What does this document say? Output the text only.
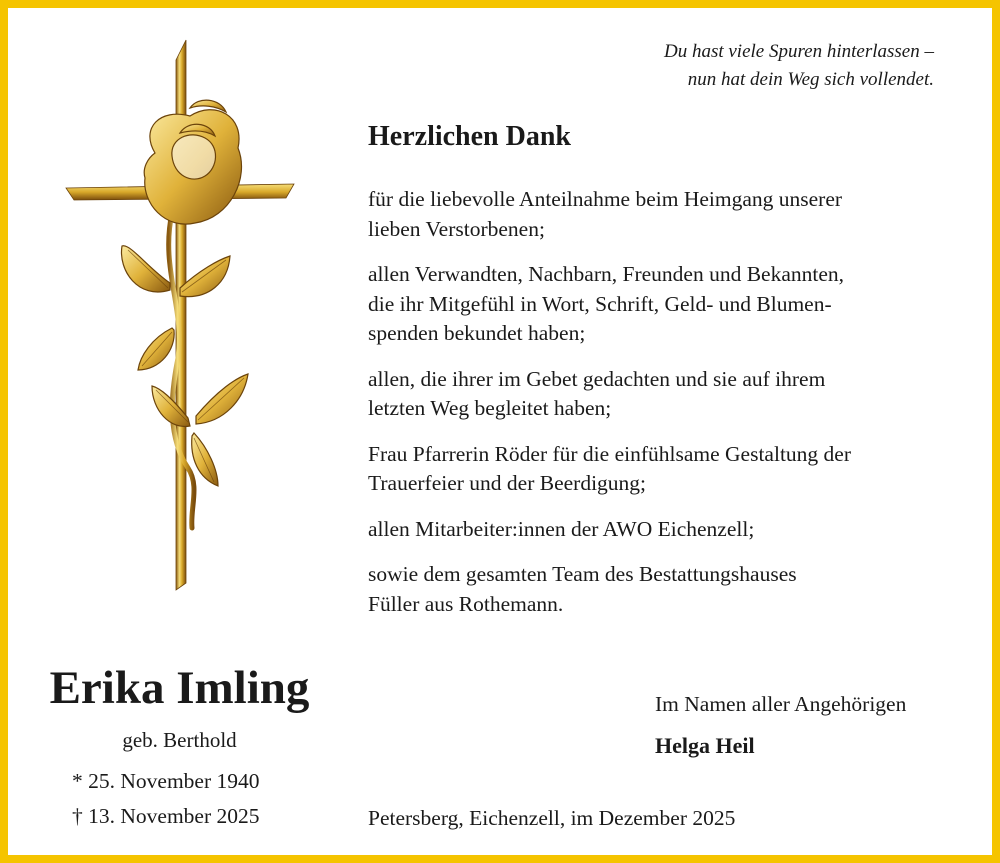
Du hast viele Spuren hinterlassen –
nun hat dein Weg sich vollendet.
Herzlichen Dank

für die liebevolle Anteilnahme beim Heimgang unserer
lieben Verstorbenen;

allen Verwandten, Nachbarn, Freunden und Bekannten,
die ihr Mitgefühl in Wort, Schrift, Geld- und Blumen-
spenden bekundet haben;

allen, die ihrer im Gebet gedachten und sie auf ihrem
letzten Weg begleitet haben;

Frau Pfarrerin Röder für die einfühlsame Gestaltung der
Trauerfeier und der Beerdigung;

allen Mitarbeiter:innen der AWO Eichenzell;

sowie dem gesamten Team des Bestattungshauses
Füller aus Rothemann.

Im Namen aller Angehörigen
Helga Heil
Petersberg, Eichenzell, im Dezember 2025
Erika Imling
geb. Berthold
* 25. November 1940
† 13. November 2025
